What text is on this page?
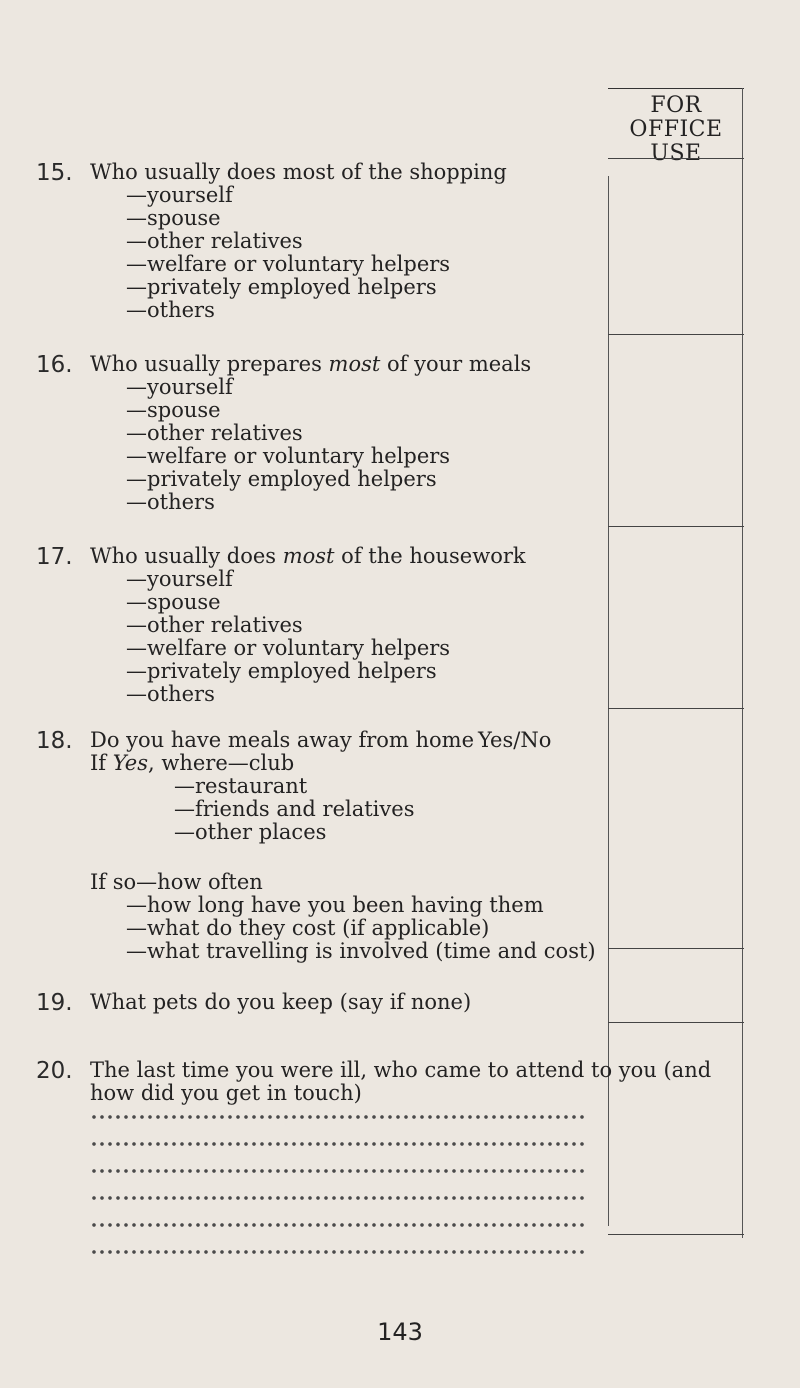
FOR
OFFICE USE
15. Who usually does most of the shopping
—yourself
—spouse
—other relatives
—welfare or voluntary helpers
—privately employed helpers
—others
16. Who usually prepares most of your meals
—yourself
—spouse
—other relatives
—welfare or voluntary helpers
—privately employed helpers
—others
17. Who usually does most of the housework
—yourself
—spouse
—other relatives
—welfare or voluntary helpers
—privately employed helpers
—others
18. Do you have meals away from home Yes/No
If Yes, where—club
—restaurant
—friends and relatives
—other places
If so—how often
—how long have you been having them
—what do they cost (if applicable)
—what travelling is involved (time and cost)
19. What pets do you keep (say if none)
20. The last time you were ill, who came to attend to you (and
how did you get in touch)
143
